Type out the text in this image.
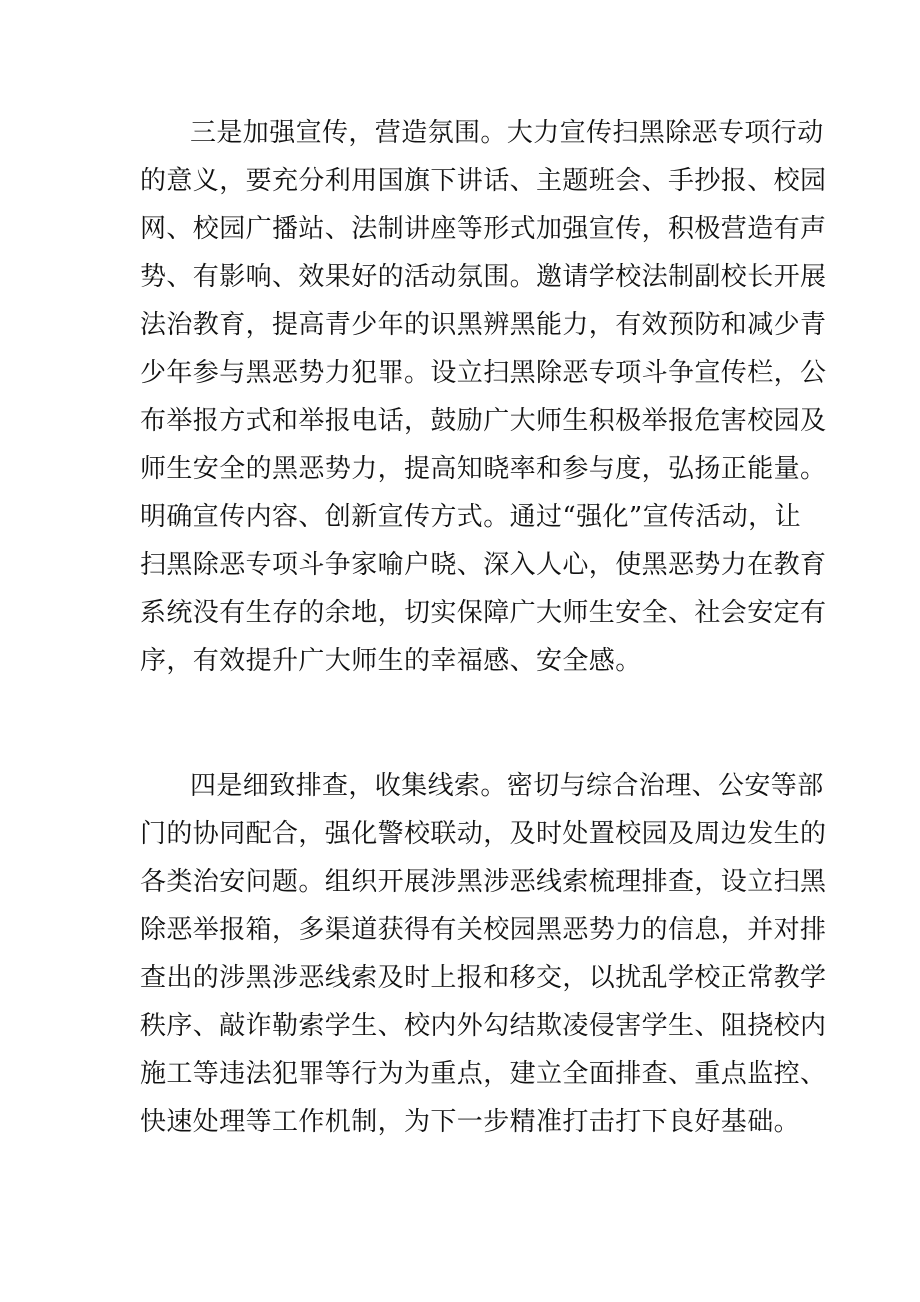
三是加强宣传，营造氛围。大力宣传扫黑除恶专项行动
的意义，要充分利用国旗下讲话、主题班会、手抄报、校园
网、校园广播站、法制讲座等形式加强宣传，积极营造有声
势、有影响、效果好的活动氛围。邀请学校法制副校长开展
法治教育，提高青少年的识黑辨黑能力，有效预防和减少青
少年参与黑恶势力犯罪。设立扫黑除恶专项斗争宣传栏，公
布举报方式和举报电话，鼓励广大师生积极举报危害校园及
师生安全的黑恶势力，提高知晓率和参与度，弘扬正能量。
明确宣传内容、创新宣传方式。通过“强化”宣传活动，让
扫黑除恶专项斗争家喻户晓、深入人心，使黑恶势力在教育
系统没有生存的余地，切实保障广大师生安全、社会安定有
序，有效提升广大师生的幸福感、安全感。
四是细致排查，收集线索。密切与综合治理、公安等部
门的协同配合，强化警校联动，及时处置校园及周边发生的
各类治安问题。组织开展涉黑涉恶线索梳理排查，设立扫黑
除恶举报箱，多渠道获得有关校园黑恶势力的信息，并对排
查出的涉黑涉恶线索及时上报和移交，以扰乱学校正常教学
秩序、敲诈勒索学生、校内外勾结欺凌侵害学生、阻挠校内
施工等违法犯罪等行为为重点，建立全面排查、重点监控、
快速处理等工作机制，为下一步精准打击打下良好基础。
